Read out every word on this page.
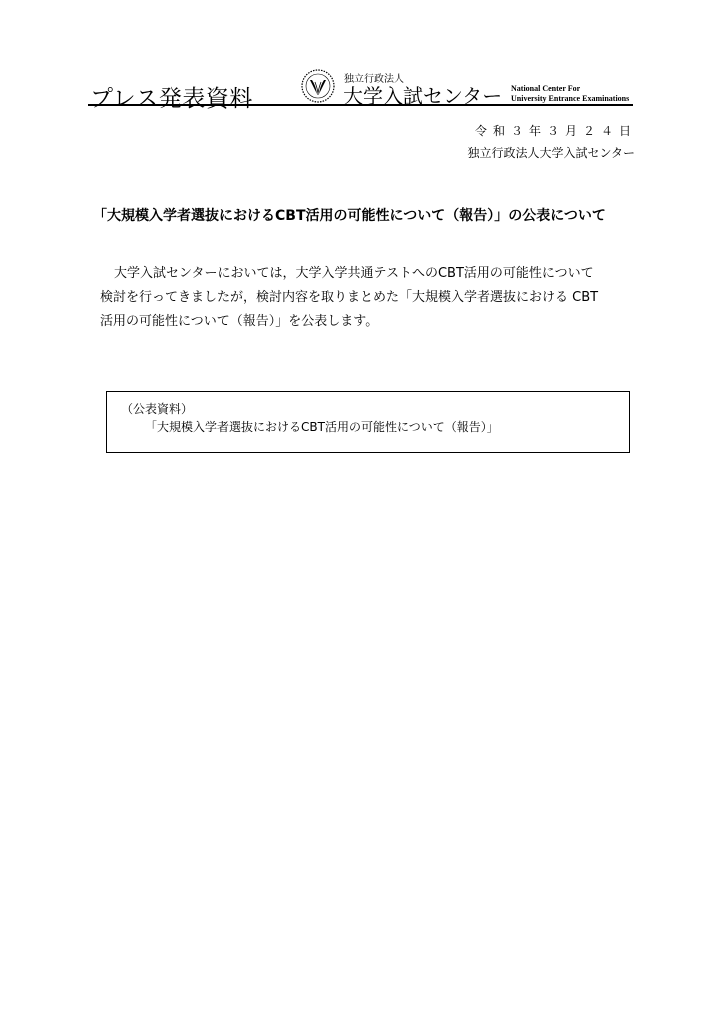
プレス発表資料
独立行政法人
大学入試センター National Center For
University Entrance Examinations
令和３年３月２４日
独立行政法人大学入試センター
「大規模入学者選抜におけるCBT活用の可能性について（報告）」の公表について
大学入試センターにおいては，大学入学共通テストへのCBT活用の可能性について
検討を行ってきましたが，検討内容を取りまとめた「大規模入学者選抜における CBT
活用の可能性について（報告）」を公表します。
（公表資料）
「大規模入学者選抜におけるCBT活用の可能性について（報告）」
